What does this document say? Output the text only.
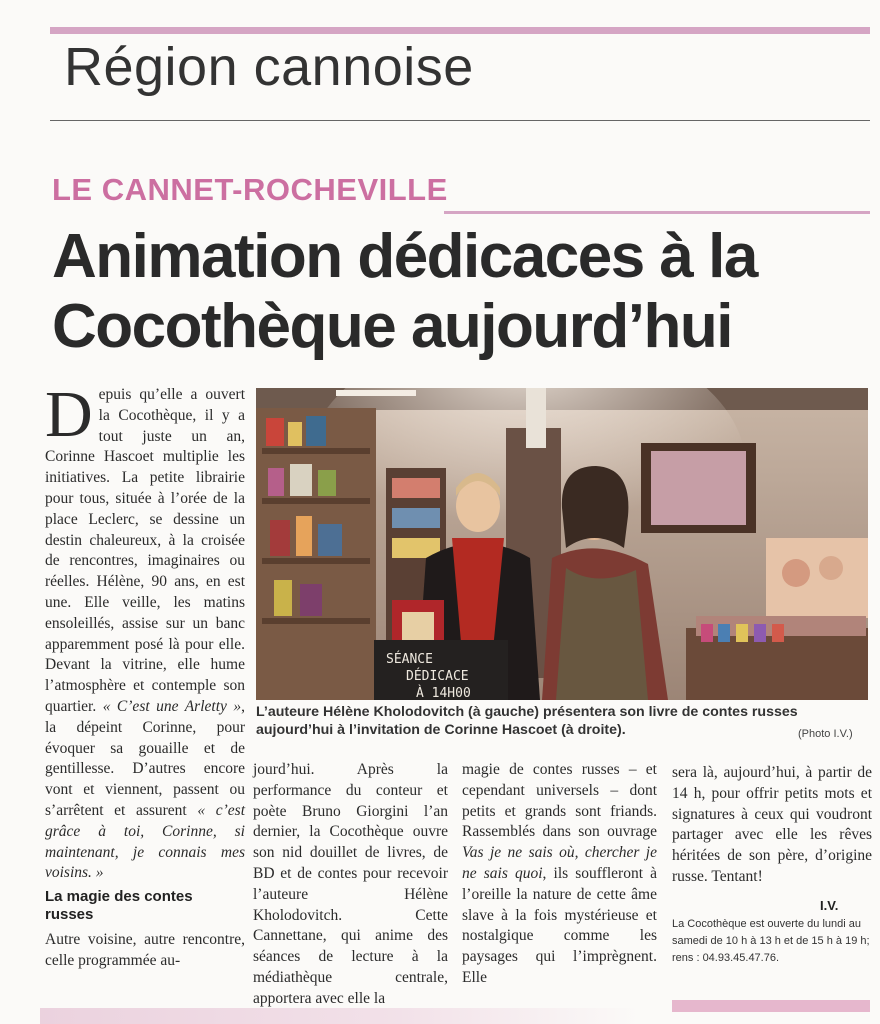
Région cannoise
LE CANNET-ROCHEVILLE
Animation dédicaces à la Cocothèque aujourd’hui

D epuis qu’elle a ouvert la Cocothèque, il y a tout juste un an, Corinne Hascoet multiplie les initiatives. La petite librairie pour tous, située à l’orée de la place Leclerc, se dessine un destin chaleureux, à la croisée de rencontres, imaginaires ou réelles. Hélène, 90 ans, en est une. Elle veille, les matins ensoleillés, assise sur un banc apparemment posé là pour elle. Devant la vitrine, elle hume l’atmosphère et contemple son quartier. « C’est une Arletty », la dépeint Corinne, pour évoquer sa gouaille et de gentillesse. D’autres encore vont et viennent, passent ou s’arrêtent et assurent « c’est grâce à toi, Corinne, si maintenant, je connais mes voisins. »

La magie des contes russes

Autre voisine, autre rencontre, celle programmée au-

SÉANCE
DÉDICACE
À 14H00

L’auteure Hélène Kholodovitch (à gauche) présentera son livre de contes russes aujourd’hui à l’invitation de Corinne Hascoet (à droite).	(Photo I.V.)

jourd’hui. Après la performance du conteur et poète Bruno Giorgini l’an dernier, la Cocothèque ouvre son nid douillet de livres, de BD et de contes pour recevoir l’auteure Hélène Kholodovitch. Cette Cannettane, qui anime des séances de lecture à la médiathèque centrale, apportera avec elle la

magie de contes russes – et cependant universels – dont petits et grands sont friands. Rassemblés dans son ouvrage Vas je ne sais où, chercher je ne sais quoi, ils souffleront à l’oreille la nature de cette âme slave à la fois mystérieuse et nostalgique comme les paysages qui l’imprègnent. Elle

sera là, aujourd’hui, à partir de 14 h, pour offrir petits mots et signatures à ceux qui voudront partager avec elle les rêves héritées de son père, d’origine russe. Tentant!

I.V.
La Cocothèque est ouverte du lundi au samedi de 10 h à 13 h et de 15 h à 19 h; rens : 04.93.45.47.76.
